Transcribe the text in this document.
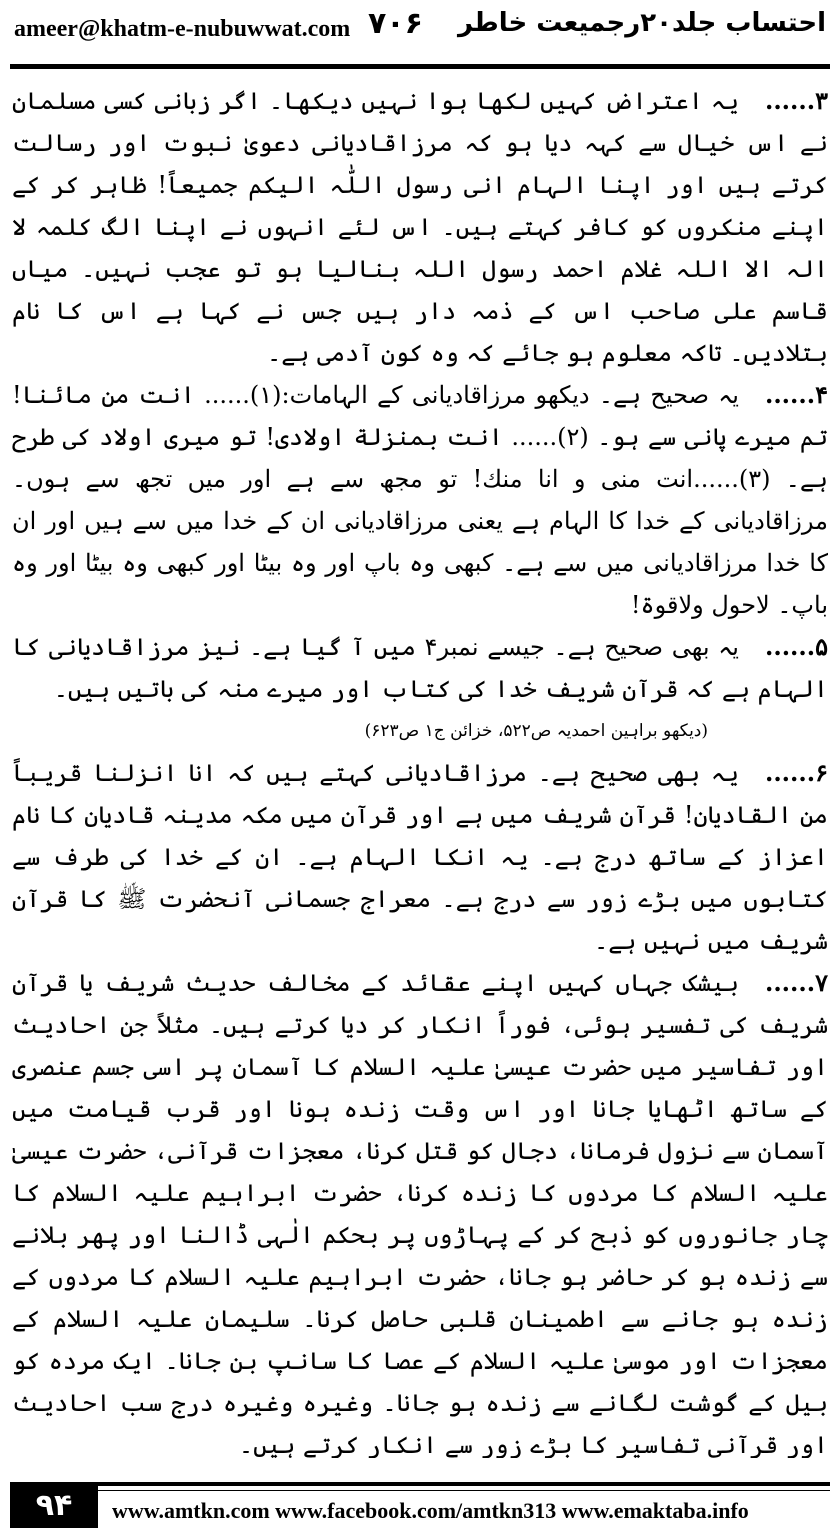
ameer@khatm-e-nubuwwat.com ۷۰۶ احتساب جلد۲۰رجمیعت خاطر

۳......یہ اعتراض کہیں لکھا ہوا نہیں دیکھا۔ اگر زبانی کسی مسلمان نے اس خیال سے کہہ دیا ہو کہ مرزاقادیانی دعویٰ نبوت اور رسالت کرتے ہیں اور اپنا الہام انی رسول اللّٰہ الیکم جمیعاً! ظاہر کر کے اپنے منکروں کو کافر کہتے ہیں۔ اس لئے انہوں نے اپنا الگ کلمہ لا الہ الا اللہ غلام احمد رسول اللہ بنالیا ہو تو عجب نہیں۔ میاں قاسم علی صاحب اس کے ذمہ دار ہیں جس نے کہا ہے اس کا نام بتلادیں۔ تاکہ معلوم ہو جائے کہ وہ کون آدمی ہے۔

۴......یہ صحیح ہے۔ دیکھو مرزاقادیانی کے الہامات:(۱)...... انت من مائنا! تم میرے پانی سے ہو۔ (۲)...... انت بمنزلة اولادی! تو میری اولاد کی طرح ہے۔ (۳)......انت منی و انا منك! تو مجھ سے ہے اور میں تجھ سے ہوں۔ مرزاقادیانی کے خدا کا الہام ہے یعنی مرزاقادیانی ان کے خدا میں سے ہیں اور ان کا خدا مرزاقادیانی میں سے ہے۔ کبھی وہ باپ اور وہ بیٹا اور کبھی وہ بیٹا اور وہ باپ۔ لاحول ولاقوۃ!

۵......یہ بھی صحیح ہے۔ جیسے نمبر۴ میں آ گیا ہے۔ نیز مرزاقادیانی کا الہام ہے کہ قرآن شریف خدا کی کتاب اور میرے منہ کی باتیں ہیں۔

(دیکھو براہین احمدیہ ص۵۲۲، خزائن ج۱ ص۶۲۳)

۶......یہ بھی صحیح ہے۔ مرزاقادیانی کہتے ہیں کہ انا انزلنا قریباً من القادیان! قرآن شریف میں ہے اور قرآن میں مکہ مدینہ قادیان کا نام اعزاز کے ساتھ درج ہے۔ یہ انکا الہام ہے۔ ان کے خدا کی طرف سے کتابوں میں بڑے زور سے درج ہے۔ معراج جسمانی آنحضرت ﷺ کا قرآن شریف میں نہیں ہے۔

۷......بیشک جہاں کہیں اپنے عقائد کے مخالف حدیث شریف یا قرآن شریف کی تفسیر ہوئی، فوراً انکار کر دیا کرتے ہیں۔ مثلاً جن احادیث اور تفاسیر میں حضرت عیسیٰ علیہ السلام کا آسمان پر اسی جسم عنصری کے ساتھ اٹھایا جانا اور اس وقت زندہ ہونا اور قرب قیامت میں آسمان سے نزول فرمانا، دجال کو قتل کرنا، معجزات قرآنی، حضرت عیسیٰ علیہ السلام کا مردوں کا زندہ کرنا، حضرت ابراہیم علیہ السلام کا چار جانوروں کو ذبح کر کے پہاڑوں پر بحکم الٰہی ڈالنا اور پھر بلانے سے زندہ ہو کر حاضر ہو جانا، حضرت ابراہیم علیہ السلام کا مردوں کے زندہ ہو جانے سے اطمینان قلبی حاصل کرنا۔ سلیمان علیہ السلام کے معجزات اور موسیٰ علیہ السلام کے عصا کا سانپ بن جانا۔ ایک مردہ کو بیل کے گوشت لگانے سے زندہ ہو جانا۔ وغیرہ وغیرہ درج سب احادیث اور قرآنی تفاسیر کا بڑے زور سے انکار کرتے ہیں۔

۹۴	www.amtkn.com www.facebook.com/amtkn313 www.emaktaba.info
